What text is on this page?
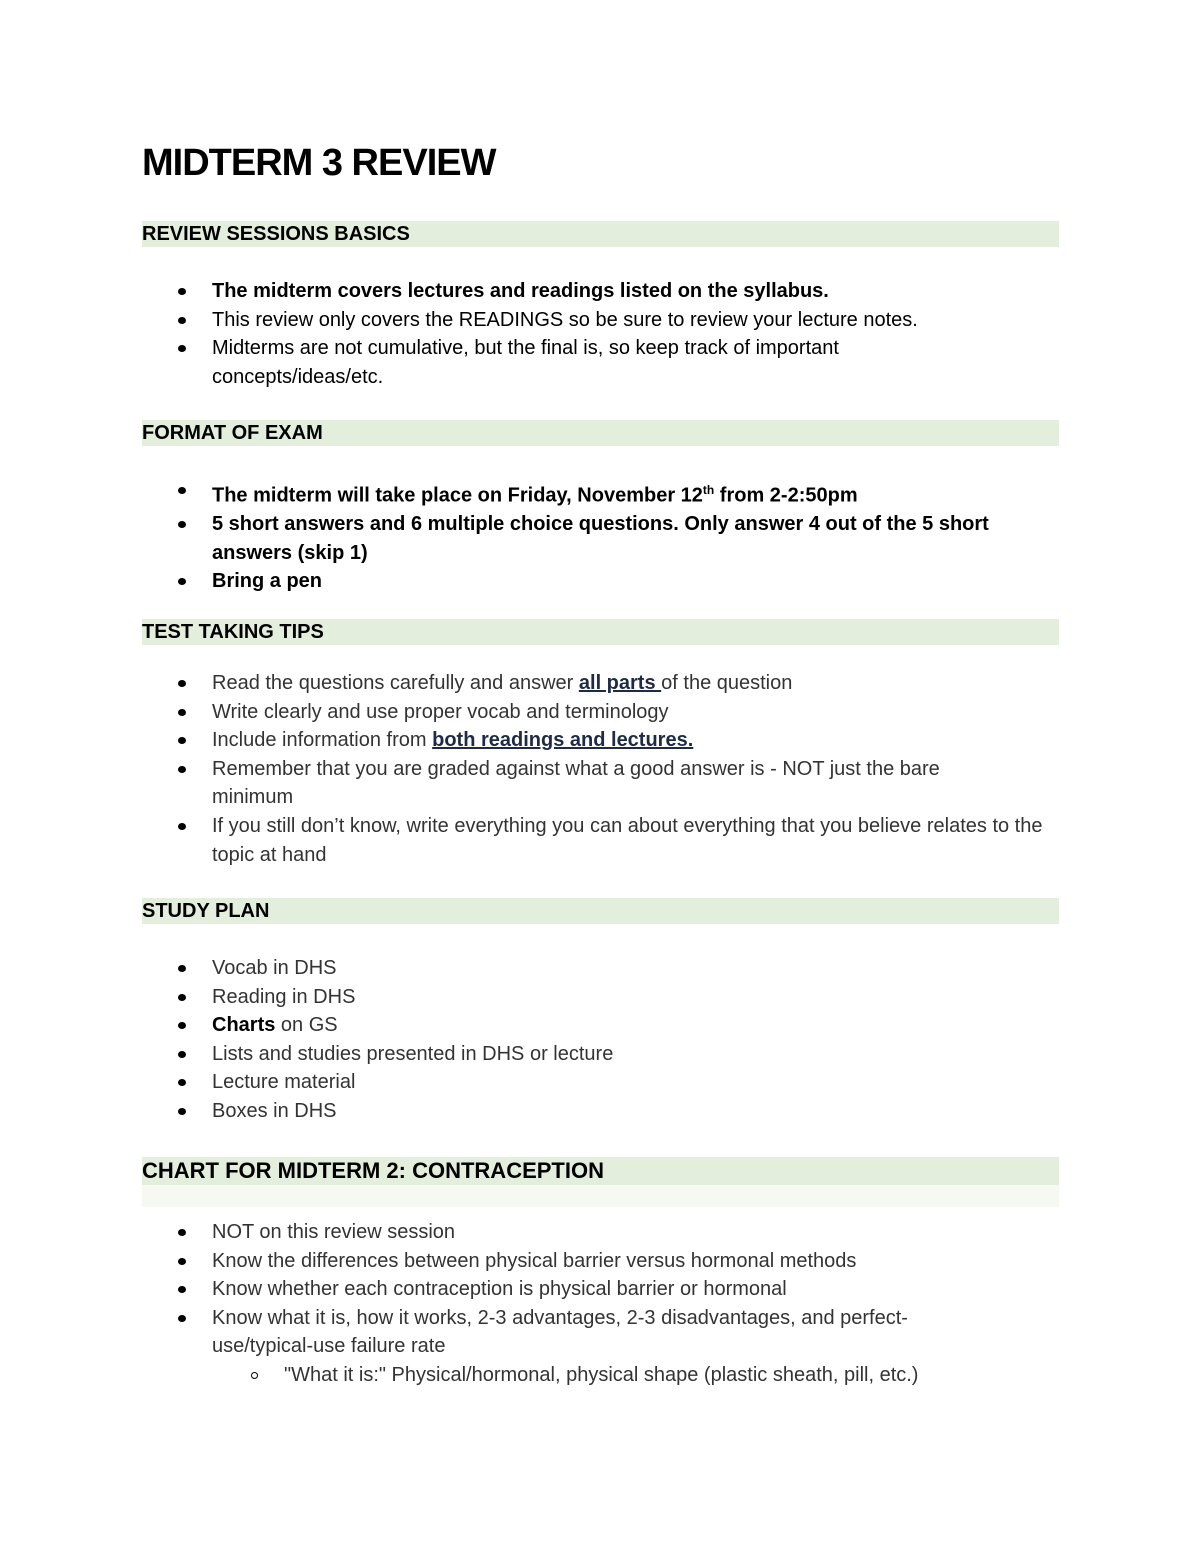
MIDTERM 3 REVIEW
REVIEW SESSIONS BASICS
The midterm covers lectures and readings listed on the syllabus.
This review only covers the READINGS so be sure to review your lecture notes.
Midterms are not cumulative, but the final is, so keep track of important concepts/ideas/etc.
FORMAT OF EXAM
The midterm will take place on Friday, November 12th from 2-2:50pm
5 short answers and 6 multiple choice questions. Only answer 4 out of the 5 short answers (skip 1)
Bring a pen
TEST TAKING TIPS
Read the questions carefully and answer all parts of the question
Write clearly and use proper vocab and terminology
Include information from both readings and lectures.
Remember that you are graded against what a good answer is - NOT just the bare minimum
If you still don’t know, write everything you can about everything that you believe relates to the topic at hand
STUDY PLAN
Vocab in DHS
Reading in DHS
Charts on GS
Lists and studies presented in DHS or lecture
Lecture material
Boxes in DHS
CHART FOR MIDTERM 2: CONTRACEPTION
NOT on this review session
Know the differences between physical barrier versus hormonal methods
Know whether each contraception is physical barrier or hormonal
Know what it is, how it works, 2-3 advantages, 2-3 disadvantages, and perfect-use/typical-use failure rate
"What it is:" Physical/hormonal, physical shape (plastic sheath, pill, etc.)
